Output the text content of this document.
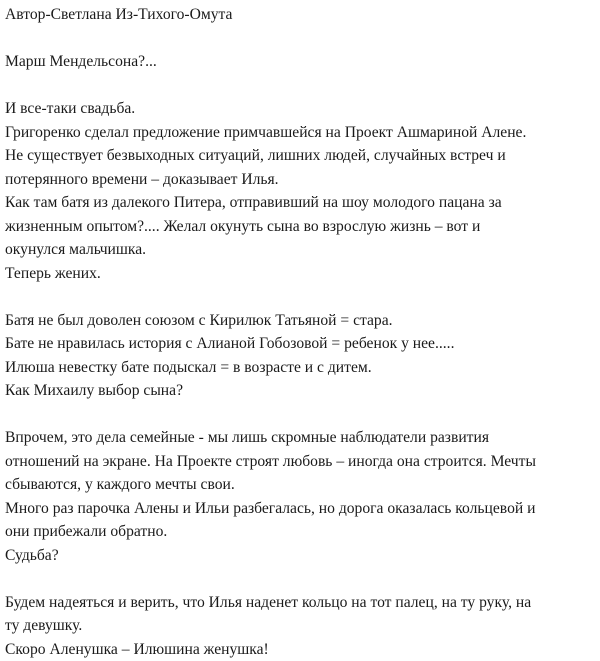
Автор-Светлана Из-Тихого-Омута
Марш Мендельсона?...
И все-таки свадьба.
Григоренко сделал предложение примчавшейся на Проект Ашмариной Алене.
Не существует безвыходных ситуаций, лишних людей, случайных встреч и
потерянного времени – доказывает Илья.
Как там батя из далекого Питера, отправивший на шоу молодого пацана за
жизненным опытом?.... Желал окунуть сына во взрослую жизнь – вот и
окунулся мальчишка.
Теперь жених.
Батя не был доволен союзом с Кирилюк Татьяной = стара.
Бате не нравилась история с Алианой Гобозовой = ребенок у нее.....
Илюша невестку бате подыскал = в возрасте и с дитем.
Как Михаилу выбор сына?
Впрочем, это дела семейные - мы лишь скромные наблюдатели развития
отношений на экране. На Проекте строят любовь – иногда она строится. Мечты
сбываются, у каждого мечты свои.
Много раз парочка Алены и Ильи разбегалась, но дорога оказалась кольцевой и
они прибежали обратно.
Судьба?
Будем надеяться и верить, что Илья наденет кольцо на тот палец, на ту руку, на
ту девушку.
Скоро Аленушка – Илюшина женушка!
